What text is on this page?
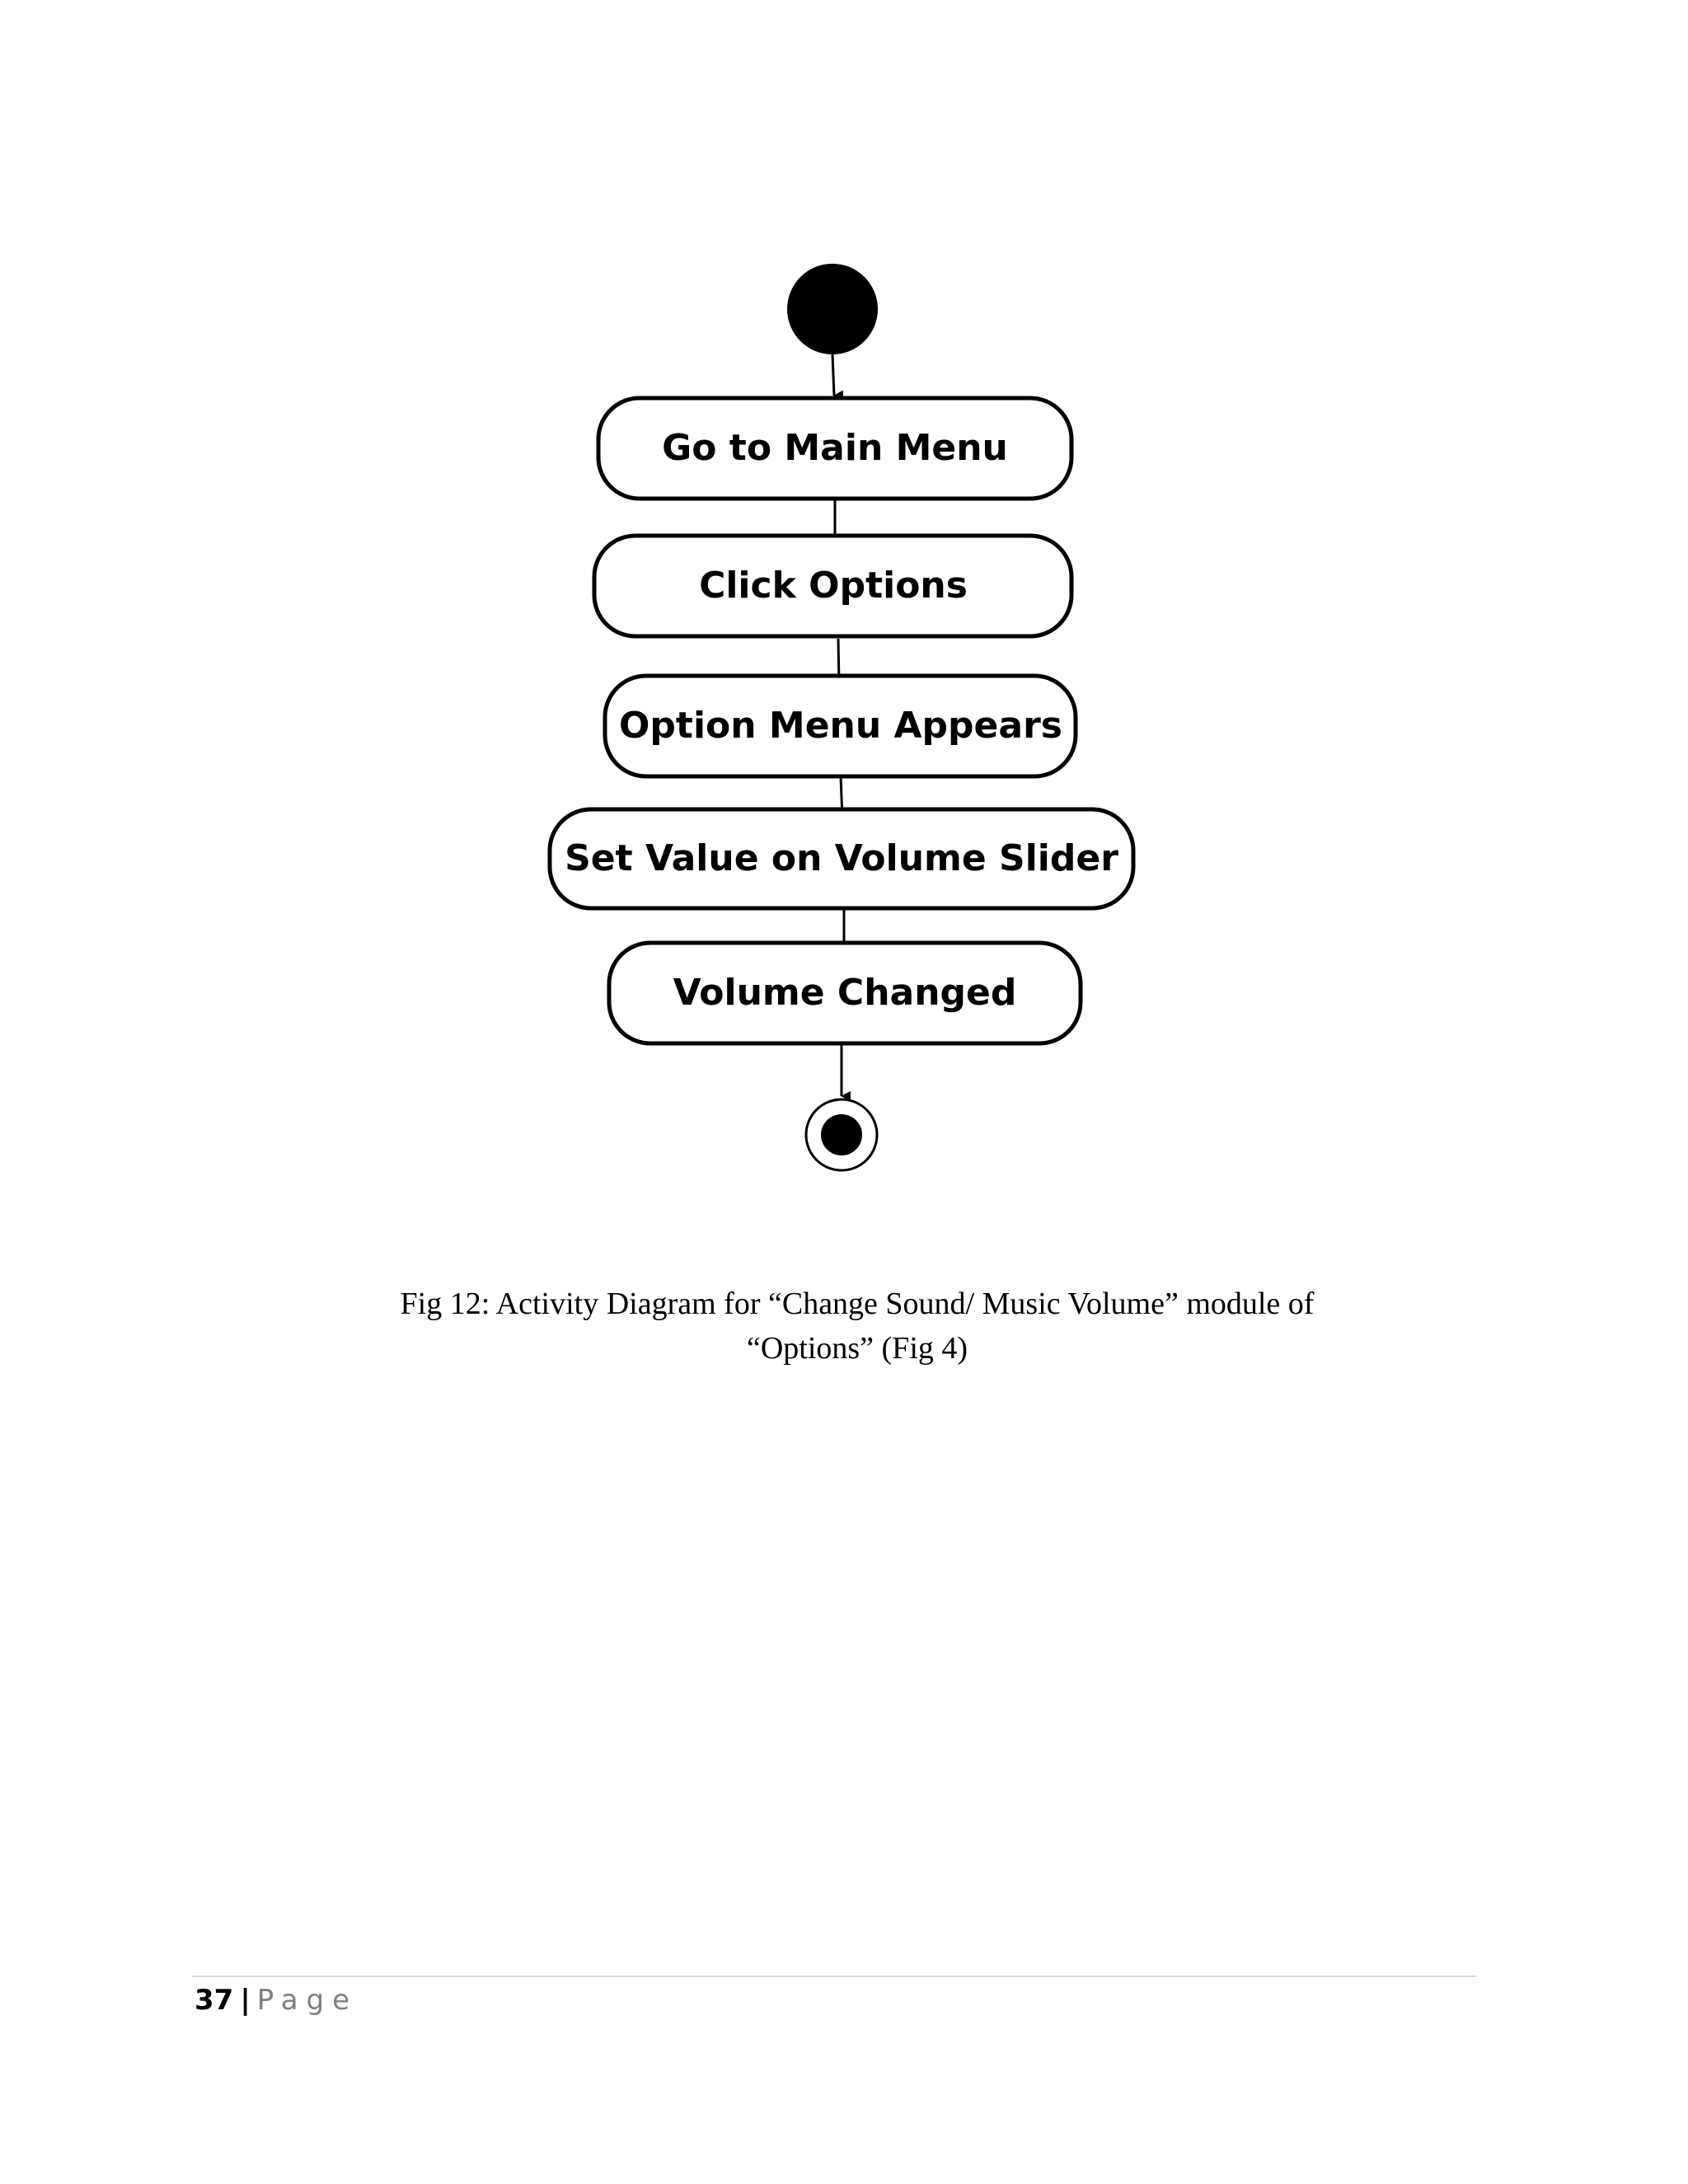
Go to Main Menu
Click Options
Option Menu Appears
Set Value on Volume Slider
Volume Changed
Fig 12: Activity Diagram for “Change Sound/ Music Volume” module of
“Options” (Fig 4)
37 | Page
